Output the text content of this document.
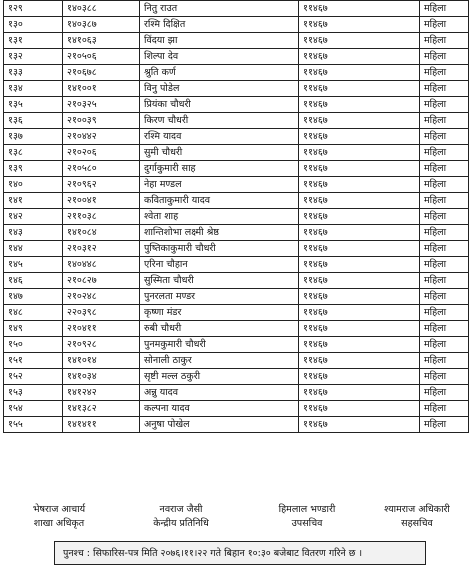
१२९	१४०३८८	नितु राउत	११४६७	महिला
१३०	१४०३८७	रश्मि दिक्षित	११४६७	महिला
१३१	१४१०६३	विंदया झा	११४६७	महिला
१३२	२१०५०६	शिल्पा देव	११४६७	महिला
१३३	२१०६७८	श्रुति कर्ण	११४६७	महिला
१३४	१४१००१	विनु पोडेल	११४६७	महिला
१३५	२१०३२५	प्रियंका चौधरी	११४६७	महिला
१३६	२१००३९	किरण चौधरी	११४६७	महिला
१३७	२१०४४२	रश्मि यादव	११४६७	महिला
१३८	२१०२०६	सुमी चौधरी	११४६७	महिला
१३९	२१०५८०	दुर्गाकुमारी साह	११४६७	महिला
१४०	२१०९६२	नेहा मण्डल	११४६७	महिला
१४१	२१००४१	कविताकुमारी यादव	११४६७	महिला
१४२	२११०३८	श्वेता शाह	११४६७	महिला
१४३	१४१०८४	शान्तिशोभा लक्ष्मी श्रेष्ठ	११४६७	महिला
१४४	२१०३१२	पुष्तिकाकुमारी चौधरी	११४६७	महिला
१४५	१४०४४८	एरिना चौहान	११४६७	महिला
१४६	२१०८२७	सुस्मिता चौधरी	११४६७	महिला
१४७	२१०२४८	पुनरलता मण्डर	११४६७	महिला
१४८	२२०३९८	कृष्णा मंडर	११४६७	महिला
१४९	२१०४११	रुबी चौधरी	११४६७	महिला
१५०	२१०९२८	पुनमकुमारी चौधरी	११४६७	महिला
१५१	१४१०१४	सोनाली ठाकुर	११४६७	महिला
१५२	१४१०३४	सृष्टी मल्ल ठकुरी	११४६७	महिला
१५३	१४१२४२	अन्नु यादव	११४६७	महिला
१५४	१४१३८२	कल्पना यादव	११४६७	महिला
१५५	१४१४११	अनुषा पोखेल	११४६७	महिला
भेषराज आचार्य
शाखा अधिकृत
नवराज जैसी
केन्द्रीय प्रतिनिधि
हिमलाल भण्डारी
उपसचिव
श्यामराज अधिकारी
सहसचिव
पुनश्च : सिफारिस-पत्र मिति २०७६।११।२२ गते बिहान १०:३० बजेबाट वितरण गरिने छ ।
